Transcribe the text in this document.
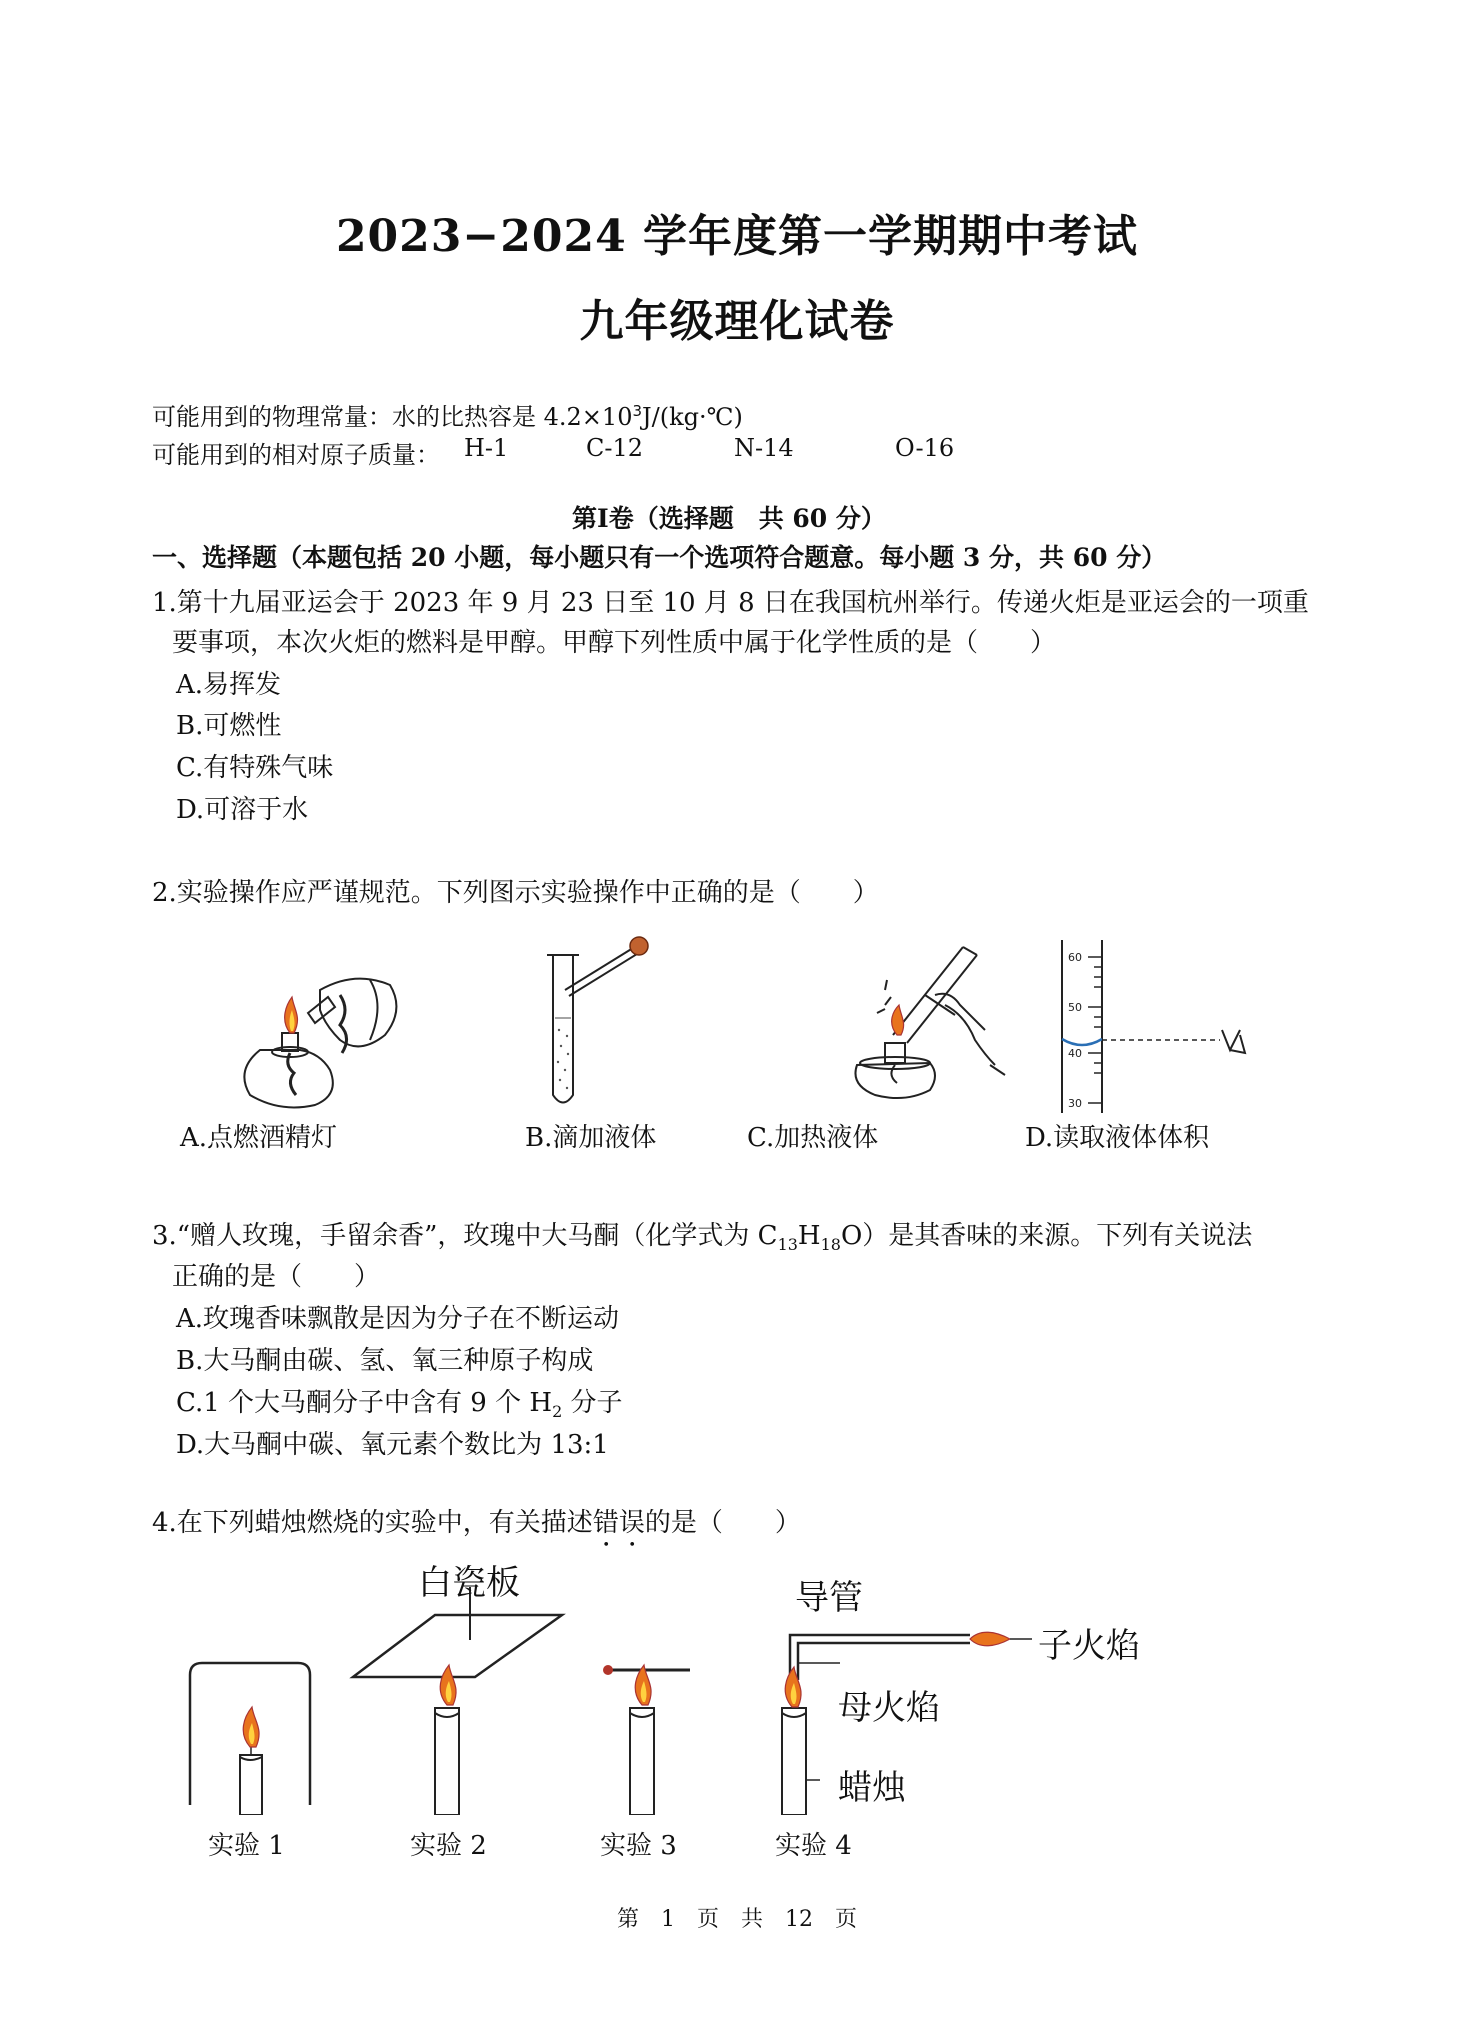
2023−2024 学年度第一学期期中考试
九年级理化试卷
可能用到的物理常量：水的比热容是 $4.2\times 10^3J/(kg\cdot℃)$
可能用到的相对原子质量： H-1	C-12	N-14	O-16
第Ⅰ卷（选择题　共 60 分）
一、选择题（本题包括 20 小题，每小题只有一个选项符合题意。每小题 3 分，共 60 分）
1.第十九届亚运会于 2023 年 9 月 23 日至 10 月 8 日在我国杭州举行。传递火炬是亚运会的一项重
要事项，本次火炬的燃料是甲醇。甲醇下列性质中属于化学性质的是（　　）
A.易挥发
B.可燃性
C.有特殊气味
D.可溶于水
2.实验操作应严谨规范。下列图示实验操作中正确的是（　　）
A.点燃酒精灯	B.滴加液体	C.加热液体
60
50
40
30
D.读取液体体积
3.“赠人玫瑰，手留余香”，玫瑰中大马酮（化学式为 $C_{13}H_{18}O$）是其香味的来源。下列有关说法
正确的是（　　）
A.玫瑰香味飘散是因为分子在不断运动
B.大马酮由碳、氢、氧三种原子构成
C.1 个大马酮分子中含有 9 个 $H_2$ 分子
D.大马酮中碳、氧元素个数比为 13:1
4.在下列蜡烛燃烧的实验中，有关描述错误的是（　　）
白瓷板	导管
子火焰
母火焰
蜡烛
实验 1	实验 2	实验 3	实验 4
第　1　页　共　12　页
